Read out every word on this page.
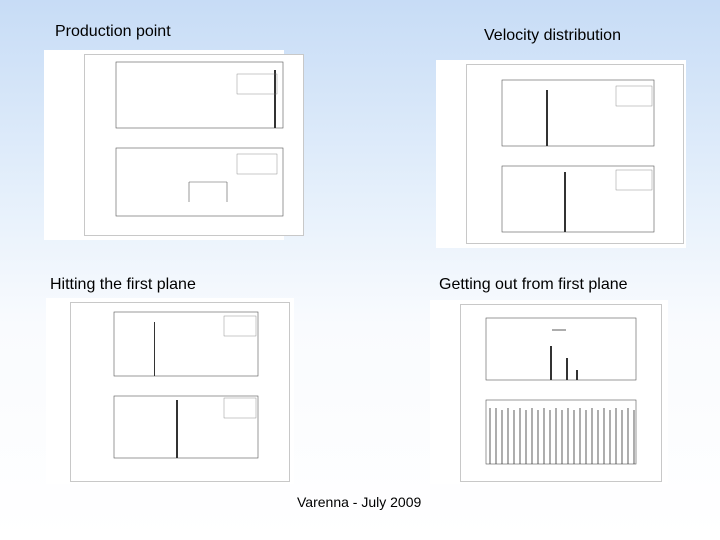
Production point	Velocity distribution
Hitting the first plane	Getting out from first plane
Varenna - July 2009
